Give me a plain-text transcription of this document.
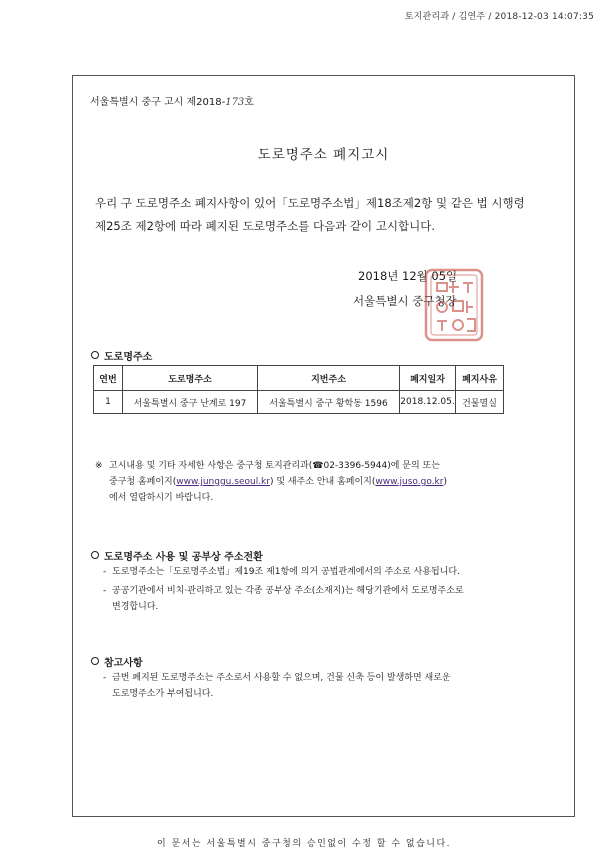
토지관리과 / 김연주 / 2018-12-03 14:07:35
서울특별시 중구 고시 제2018-173호
도로명주소 폐지고시
우리 구 도로명주소 폐지사항이 있어「도로명주소법」제18조제2항 및 같은 법 시행령
제25조 제2항에 따라 폐지된 도로명주소를 다음과 같이 고시합니다.
2018년 12월 05일
서울특별시 중구청장
도로명주소
연번	도로명주소	지번주소	폐지일자	폐지사유
1	서울특별시 중구 난계로 197	서울특별시 중구 황학동 1596	2018.12.05.	건물멸실
※ 고시내용 및 기타 자세한 사항은 중구청 토지관리과(☎02-3396-5944)에 문의 또는
중구청 홈페이지(www.junggu.seoul.kr) 및 새주소 안내 홈페이지(www.juso.go.kr)
에서 열람하시기 바랍니다.
도로명주소 사용 및 공부상 주소전환
- 도로명주소는「도로명주소법」제19조 제1항에 의거 공법관계에서의 주소로 사용됩니다.
- 공공기관에서 비치·관리하고 있는 각종 공부상 주소(소재지)는 해당기관에서 도로명주소로
변경합니다.
참고사항
- 금번 폐지된 도로명주소는 주소로서 사용할 수 없으며, 건물 신축 등이 발생하면 새로운
도로명주소가 부여됩니다.
이 문서는 서울특별시 중구청의 승인없이 수정 할 수 없습니다.
